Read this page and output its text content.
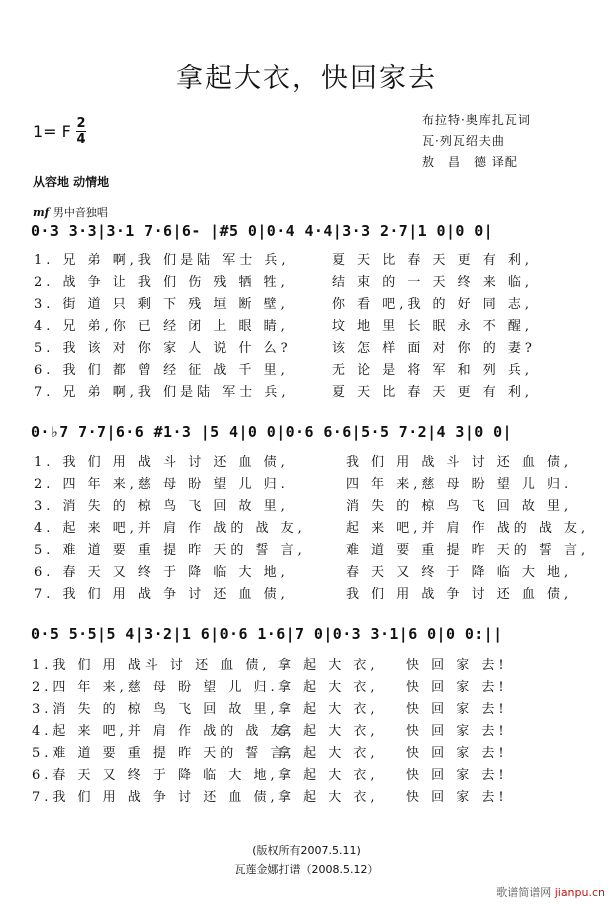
拿起大衣，快回家去
1= F 2
4
布拉特·奥库扎瓦词
瓦·列瓦绍夫曲
敖　昌　德 译配
从容地 动情地
mf 男中音独唱
0·3 3·3|3·1 7·6|6- |#5 0|0·4 4·4|3·3 2·7|1 0|0 0|
1. 兄 弟 啊,我 们是陆 军士 兵,
2. 战 争 让 我 们 伤 残 牺 牲,
3. 街 道 只 剩 下 残 垣 断 壁,
4. 兄 弟,你 已 经 闭 上 眼 睛,
5. 我 该 对 你 家 人 说 什 么?
6. 我 们 都 曾 经 征 战 千 里,
7. 兄 弟 啊,我 们是陆 军士 兵,
夏 天 比 春 天 更 有 利,
结 束 的 一 天 终 来 临,
你 看 吧,我 的 好 同 志,
坟 地 里 长 眠 永 不 醒,
该 怎 样 面 对 你 的 妻?
无 论 是 将 军 和 列 兵,
夏 天 比 春 天 更 有 利,
0·♭7 7·7|6·6 #1·3 |5 4|0 0|0·6 6·6|5·5 7·2|4 3|0 0|
1. 我 们 用 战 斗 讨 还 血 债,
2. 四 年 来,慈 母 盼 望 儿 归.
3. 消 失 的 椋 鸟 飞 回 故 里,
4. 起 来 吧,并 肩 作 战的 战 友,
5. 难 道 要 重 提 昨 天的 誓 言,
6. 春 天 又 终 于 降 临 大 地,
7. 我 们 用 战 争 讨 还 血 债,
我 们 用 战 斗 讨 还 血 债,
四 年 来,慈 母 盼 望 儿 归.
消 失 的 椋 鸟 飞 回 故 里,
起 来 吧,并 肩 作 战的 战 友,
难 道 要 重 提 昨 天的 誓 言,
春 天 又 终 于 降 临 大 地,
我 们 用 战 争 讨 还 血 债,
0·5 5·5|5 4|3·2|1 6|0·6 1·6|7 0|0·3 3·1|6 0|0 0:||
1.我 们 用 战斗 讨 还 血 债,
2.四 年 来,慈 母 盼 望 儿 归.
3.消 失 的 椋 鸟 飞 回 故 里,
4.起 来 吧,并 肩 作 战的 战 友,
5.难 道 要 重 提 昨 天的 誓 言,
6.春 天 又 终 于 降 临 大 地,
7.我 们 用 战 争 讨 还 血 债,
拿 起 大 衣,
拿 起 大 衣,
拿 起 大 衣,
拿 起 大 衣,
拿 起 大 衣,
拿 起 大 衣,
拿 起 大 衣,
快 回 家 去!
快 回 家 去!
快 回 家 去!
快 回 家 去!
快 回 家 去!
快 回 家 去!
快 回 家 去!
(版权所有2007.5.11)
瓦莲金娜打谱（2008.5.12）
歌谱简谱网 jianpu.cn
